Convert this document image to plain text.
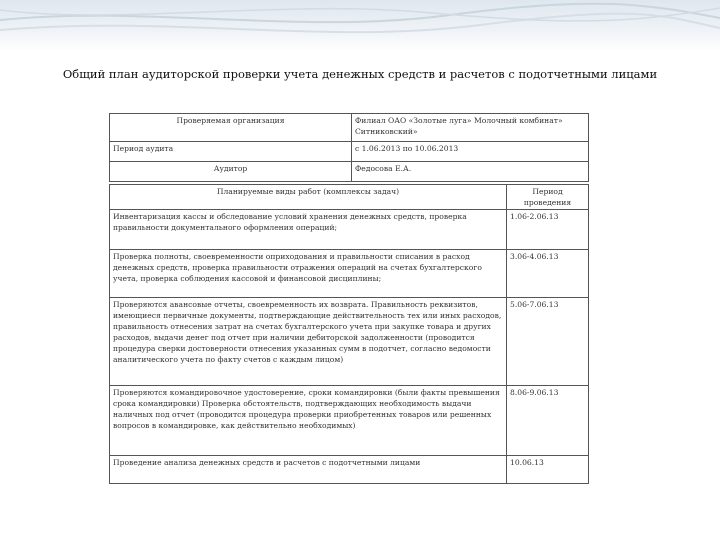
Общий план аудиторской проверки учета денежных средств и расчетов с подотчетными лицами
Проверяемая организация	Филиал ОАО «Золотые луга» Молочный комбинат» Ситниковский»
Период аудита	с 1.06.2013 по 10.06.2013
Аудитор	Федосова Е.А.
Планируемые виды работ (комплексы задач)	Период проведения
Инвентаризация кассы и обследование условий хранения денежных средств, проверка правильности документального оформления операций;	1.06-2.06.13
Проверка полноты, своевременности оприходования и правильности списания в расход денежных средств, проверка правильности отражения операций на счетах бухгалтерского учета, проверка соблюдения кассовой и финансовой дисциплины;	3.06-4.06.13
Проверяются авансовые отчеты, своевременность их возврата. Правильность реквизитов, имеющиеся первичные документы, подтверждающие действительность тех или иных расходов, правильность отнесения затрат на счетах бухгалтерского учета при закупке товара и других расходов, выдачи денег под отчет при наличии дебиторской задолженности (проводится процедура сверки достоверности отнесения указанных сумм в подотчет, согласно ведомости аналитического учета по факту счетов с каждым лицом)	5.06-7.06.13
Проверяются командировочное удостоверение, сроки командировки (были факты превышения срока командировки) Проверка обстоятельств, подтверждающих необходимость выдачи наличных под отчет (проводится процедура проверки приобретенных товаров или решенных вопросов в командировке, как действительно необходимых)	8.06-9.06.13
Проведение анализа денежных средств и расчетов с подотчетными лицами	10.06.13
